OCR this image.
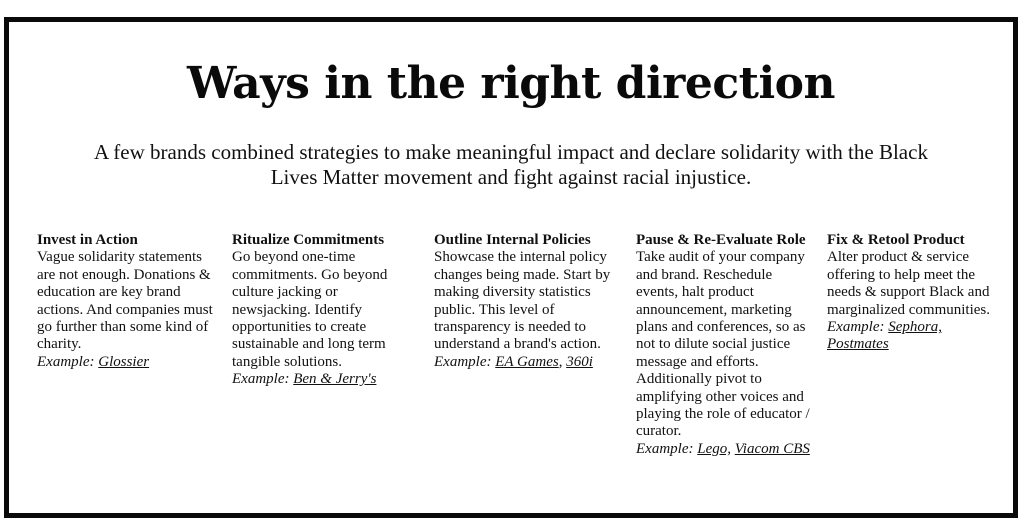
Ways in the right direction

A few brands combined strategies to make meaningful impact and declare solidarity with the Black Lives Matter movement and fight against racial injustice.

Invest in Action
Vague solidarity statements are not enough. Donations & education are key brand actions. And companies must go further than some kind of charity.
Example: Glossier
Ritualize Commitments
Go beyond one-time commitments. Go beyond culture jacking or newsjacking. Identify opportunities to create sustainable and long term tangible solutions.
Example: Ben & Jerry's
Outline Internal Policies
Showcase the internal policy changes being made. Start by making diversity statistics public. This level of transparency is needed to understand a brand's action.
Example: EA Games, 360i
Pause & Re-Evaluate Role
Take audit of your company and brand. Reschedule events, halt product announcement, marketing plans and conferences, so as not to dilute social justice message and efforts. Additionally pivot to amplifying other voices and playing the role of educator / curator.
Example: Lego, Viacom CBS
Fix & Retool Product
Alter product & service offering to help meet the needs & support Black and marginalized communities.
Example: Sephora,
Postmates
